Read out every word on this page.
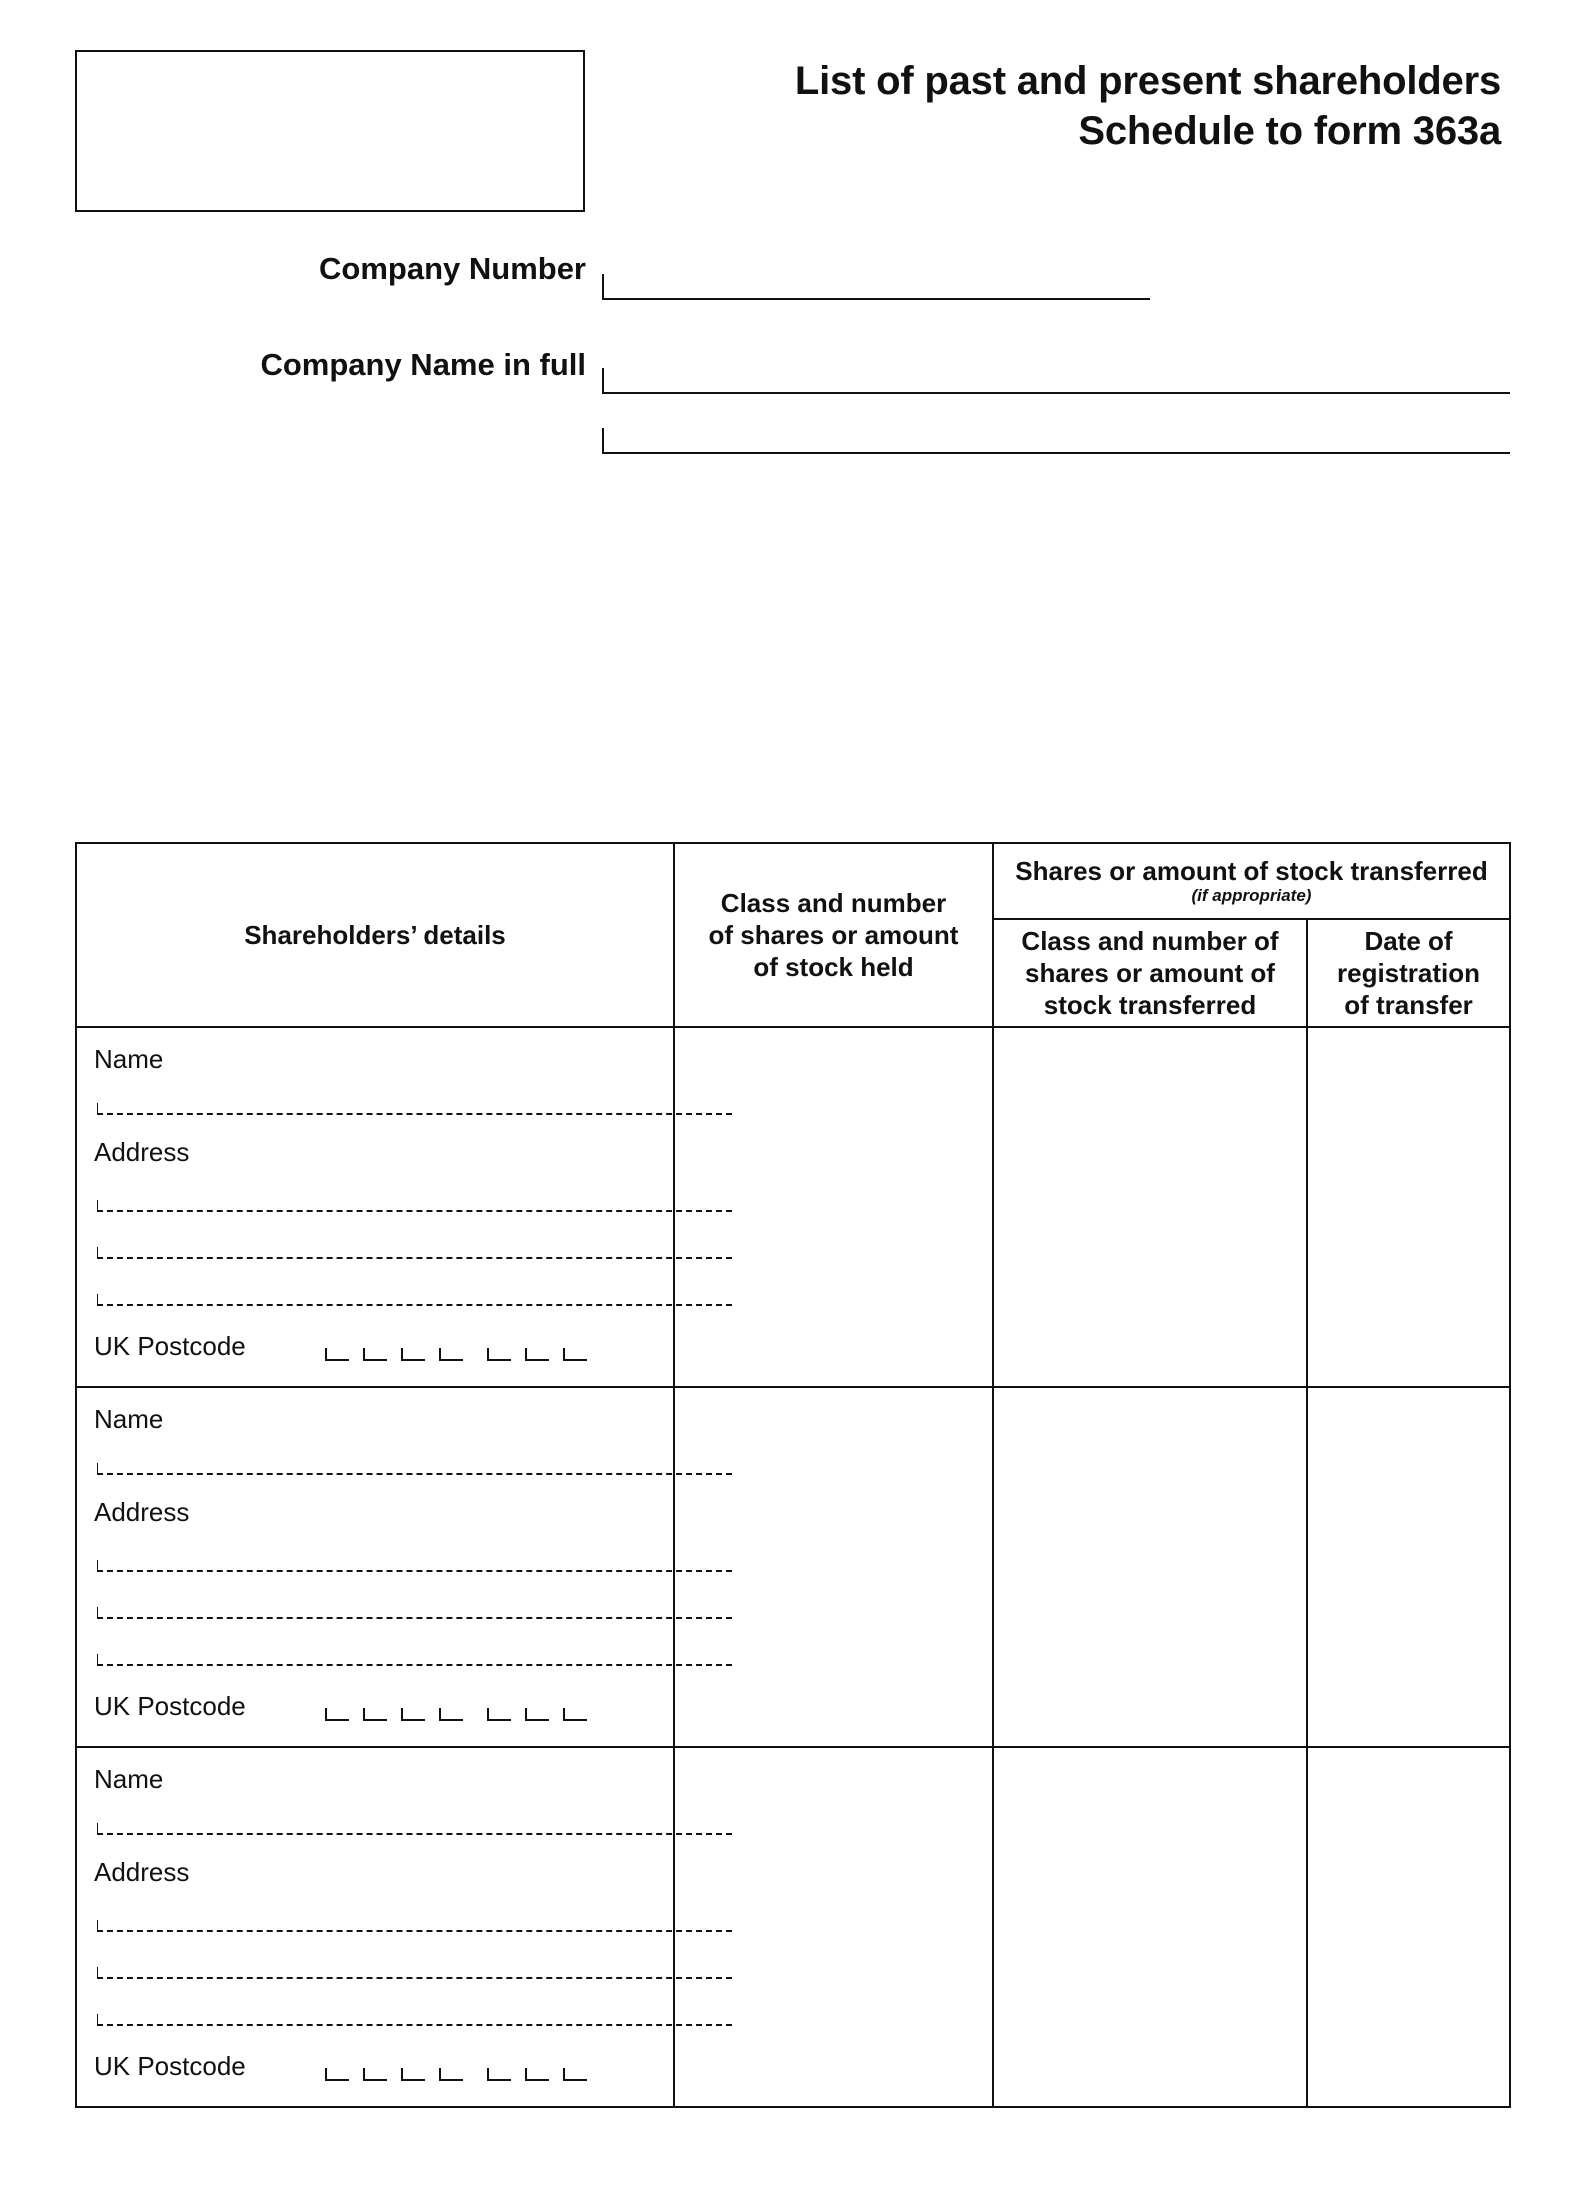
List of past and present shareholders
Schedule to form 363a
Company Number
Company Name in full
Shareholders’ details	Class and number of shares or amount of stock held	Shares or amount of stock transferred
(if appropriate)	

		Class and number of shares or amount of stock transferred	Date of registration of transfer

Name
Address
UK Postcode			

Name
Address
UK Postcode			

Name
Address
UK Postcode			
